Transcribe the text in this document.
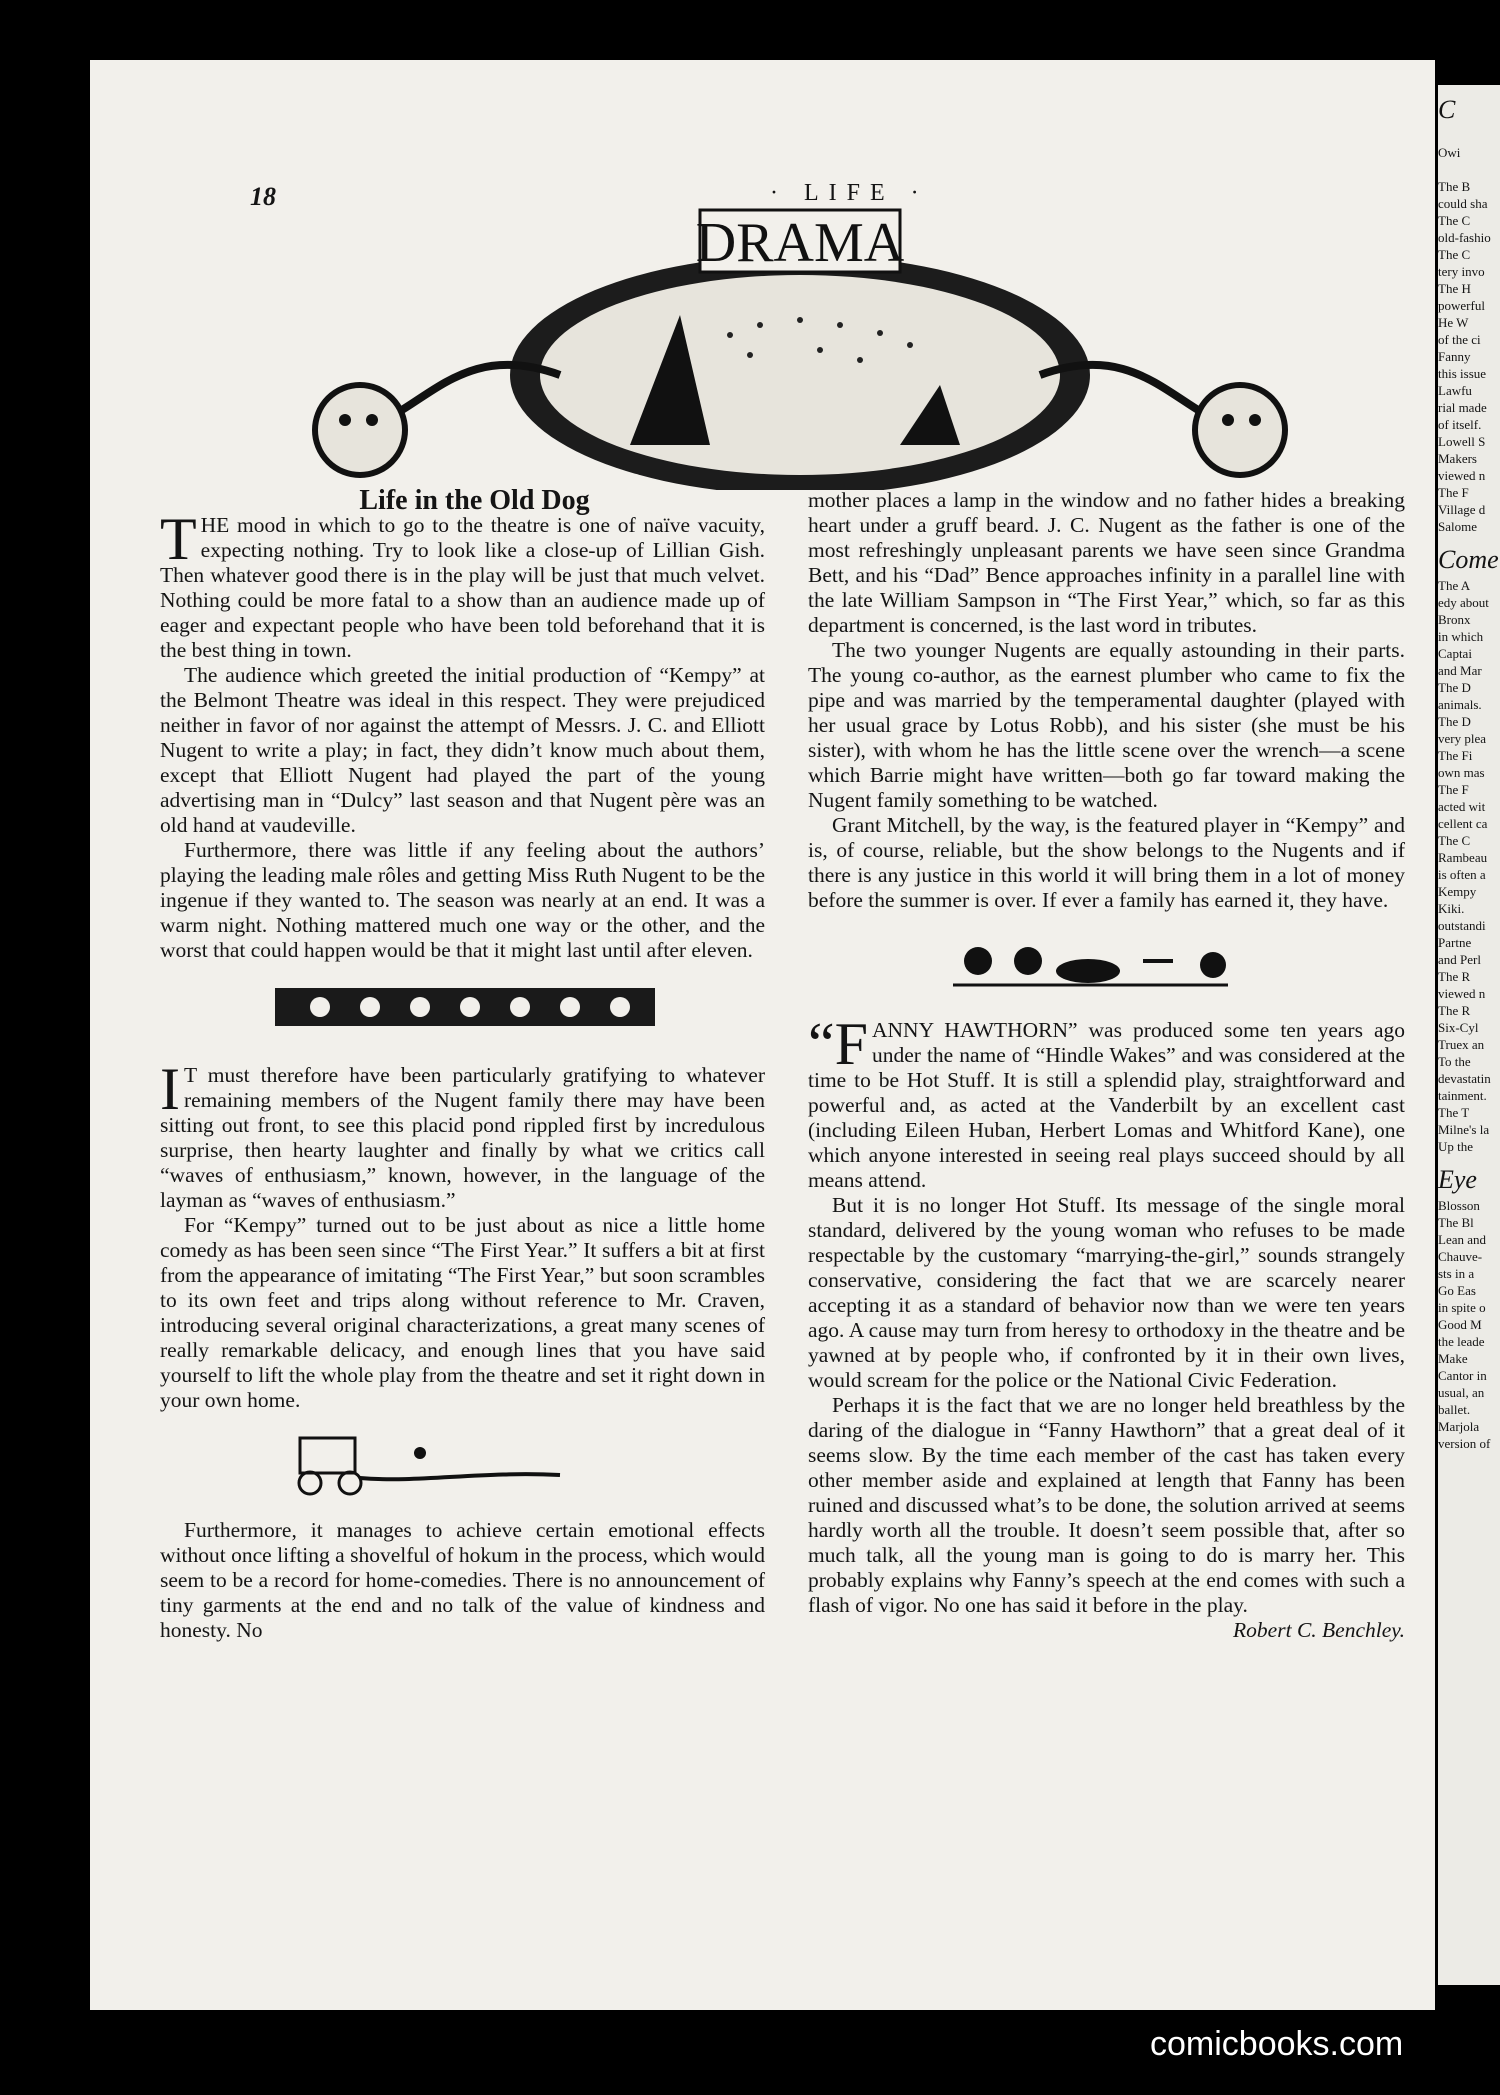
18	· LIFE ·
DRAMA

Life in the Old Dog

THE mood in which to go to the theatre is one of naïve vacuity, expecting nothing. Try to look like a close-up of Lillian Gish. Then whatever good there is in the play will be just that much velvet. Nothing could be more fatal to a show than an audience made up of eager and expectant people who have been told beforehand that it is the best thing in town.

The audience which greeted the initial production of “Kempy” at the Belmont Theatre was ideal in this respect. They were prejudiced neither in favor of nor against the attempt of Messrs. J. C. and Elliott Nugent to write a play; in fact, they didn’t know much about them, except that Elliott Nugent had played the part of the young advertising man in “Dulcy” last season and that Nugent père was an old hand at vaudeville.

Furthermore, there was little if any feeling about the authors’ playing the leading male rôles and getting Miss Ruth Nugent to be the ingenue if they wanted to. The season was nearly at an end. It was a warm night. Nothing mattered much one way or the other, and the worst that could happen would be that it might last until after eleven.

I T must therefore have been particularly gratifying to whatever remaining members of the Nugent family there may have been sitting out front, to see this placid pond rippled first by incredulous surprise, then hearty laughter and finally by what we critics call “waves of enthusiasm,” known, however, in the language of the layman as “waves of enthusiasm.”

For “Kempy” turned out to be just about as nice a little home comedy as has been seen since “The First Year.” It suffers a bit at first from the appearance of imitating “The First Year,” but soon scrambles to its own feet and trips along without reference to Mr. Craven, introducing several original characterizations, a great many scenes of really remarkable delicacy, and enough lines that you have said yourself to lift the whole play from the theatre and set it right down in your own home.

Furthermore, it manages to achieve certain emotional effects without once lifting a shovelful of hokum in the process, which would seem to be a record for home-comedies. There is no announcement of tiny garments at the end and no talk of the value of kindness and honesty. No

mother places a lamp in the window and no father hides a breaking heart under a gruff beard. J. C. Nugent as the father is one of the most refreshingly unpleasant parents we have seen since Grandma Bett, and his “Dad” Bence approaches infinity in a parallel line with the late William Sampson in “The First Year,” which, so far as this department is concerned, is the last word in tributes.

The two younger Nugents are equally astounding in their parts. The young co-author, as the earnest plumber who came to fix the pipe and was married by the temperamental daughter (played with her usual grace by Lotus Robb), and his sister (she must be his sister), with whom he has the little scene over the wrench—a scene which Barrie might have written—both go far toward making the Nugent family something to be watched.

Grant Mitchell, by the way, is the featured player in “Kempy” and is, of course, reliable, but the show belongs to the Nugents and if there is any justice in this world it will bring them in a lot of money before the summer is over. If ever a family has earned it, they have.

“FANNY HAWTHORN” was produced some ten years ago under the name of “Hindle Wakes” and was considered at the time to be Hot Stuff. It is still a splendid play, straightforward and powerful and, as acted at the Vanderbilt by an excellent cast (including Eileen Huban, Herbert Lomas and Whitford Kane), one which anyone interested in seeing real plays succeed should by all means attend.

But it is no longer Hot Stuff. Its message of the single moral standard, delivered by the young woman who refuses to be made respectable by the customary “marrying-the-girl,” sounds strangely conservative, considering the fact that we are scarcely nearer accepting it as a standard of behavior now than we were ten years ago. A cause may turn from heresy to orthodoxy in the theatre and be yawned at by people who, if confronted by it in their own lives, would scream for the police or the National Civic Federation.

Perhaps it is the fact that we are no longer held breathless by the daring of the dialogue in “Fanny Hawthorn” that a great deal of it seems slow. By the time each member of the cast has taken every other member aside and explained at length that Fanny has been ruined and discussed what’s to be done, the solution arrived at seems hardly worth all the trouble. It doesn’t seem possible that, after so much talk, all the young man is going to do is marry her. This probably explains why Fanny’s speech at the end comes with such a flash of vigor. No one has said it before in the play.
Robert C. Benchley.

C

Owi

The B
could sha
The C
old-fashio
The C
tery invo
The H
powerful
He W
of the ci
Fanny
this issue
Lawfu
rial made
of itself.
Lowell S
Makers
viewed n
The F
Village d
Salome
Come
The A
edy about
Bronx
in which
Captai
and Mar
The D
animals.
The D
very plea
The Fi
own mas
The F
acted wit
cellent ca
The C
Rambeau
is often a
Kempy
Kiki.
outstandi
Partne
and Perl
The R
viewed n
The R
Six-Cyl
Truex an
To the
devastatin
tainment.
The T
Milne's la
Up the
Eye
Blosson
The Bl
Lean and
Chauve-
sts in a
Go Eas
in spite o
Good M
the leade
Make
Cantor in
usual, an
ballet.
Marjola
version of
comicbooks.com
